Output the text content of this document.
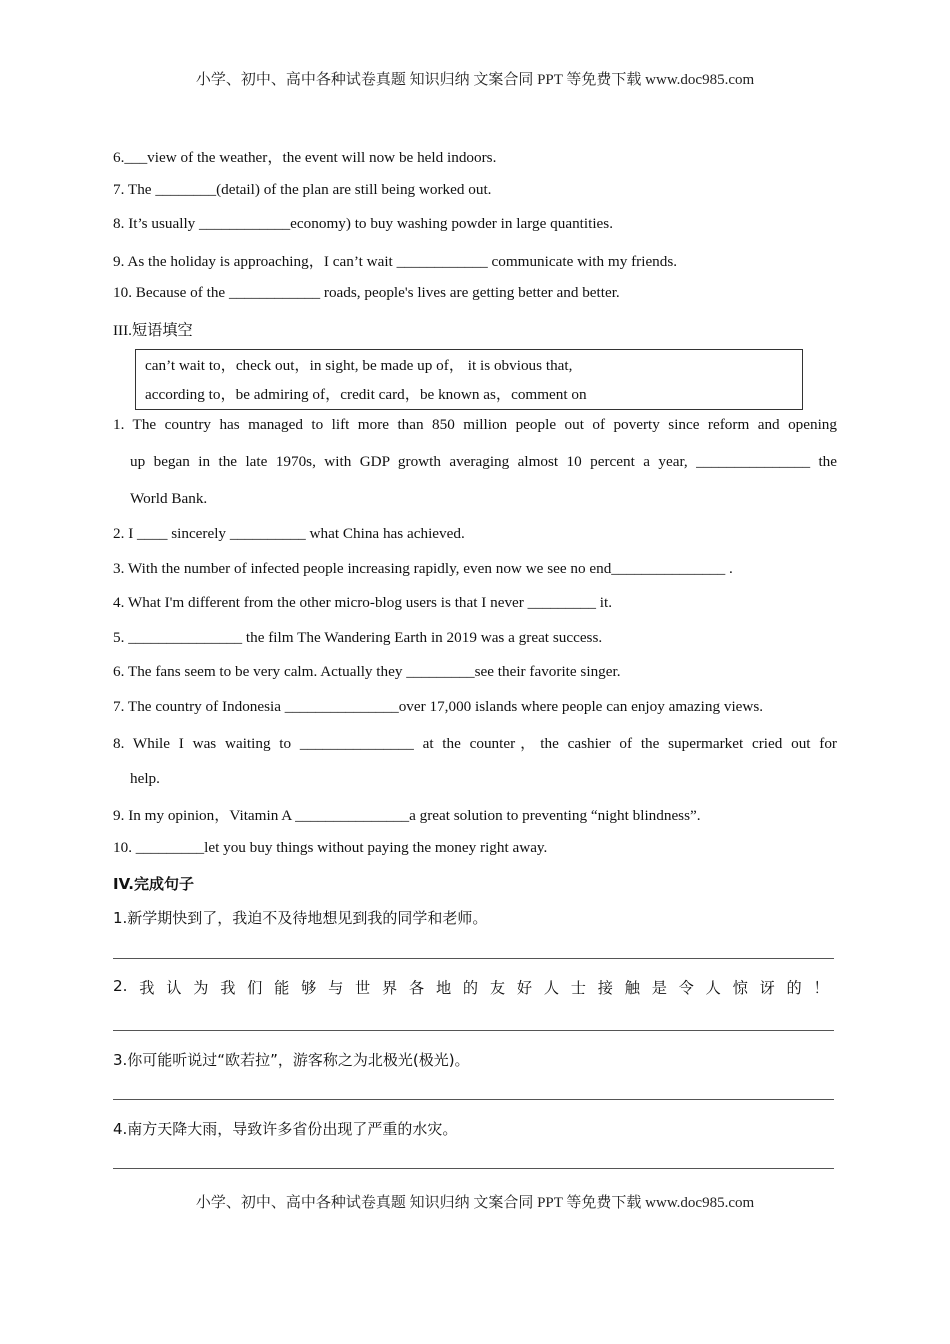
小学、初中、高中各种试卷真题 知识归纳 文案合同 PPT 等免费下载 www.doc985.com
6.___view of the weather，the event will now be held indoors.
7. The ________(detail) of the plan are still being worked out.
8. It’s usually ____________economy) to buy washing powder in large quantities.
9. As the holiday is approaching，I can’t wait ____________ communicate with my friends.
10. Because of the ____________ roads, people's lives are getting better and better.
III.短语填空
can’t wait to，check out，in sight, be made up of， it is obvious that,
according to，be admiring of，credit card，be known as，comment on
1. The country has managed to lift more than 850 million people out of poverty since reform and opening
up began in the late 1970s, with GDP growth averaging almost 10 percent a year, _______________ the
World Bank.
2. I ____ sincerely __________ what China has achieved.
3. With the number of infected people increasing rapidly, even now we see no end_______________ .
4. What I'm different from the other micro-blog users is that I never _________ it.
5. _______________ the film The Wandering Earth in 2019 was a great success.
6. The fans seem to be very calm. Actually they _________see their favorite singer.
7. The country of Indonesia _______________over 17,000 islands where people can enjoy amazing views.
8. While I was waiting to _______________ at the counter，the cashier of the supermarket cried out for
help.
9. In my opinion，Vitamin A _______________a great solution to preventing “night blindness”.
10. _________let you buy things without paying the money right away.
IV.完成句子
1.新学期快到了，我迫不及待地想见到我的同学和老师。
2. 我 认 为 我 们 能 够 与 世 界 各 地 的 友 好 人 士 接 触 是 令 人 惊 讶 的 ！
3.你可能听说过“欧若拉”，游客称之为北极光(极光)。
4.南方天降大雨，导致许多省份出现了严重的水灾。
小学、初中、高中各种试卷真题 知识归纳 文案合同 PPT 等免费下载 www.doc985.com
